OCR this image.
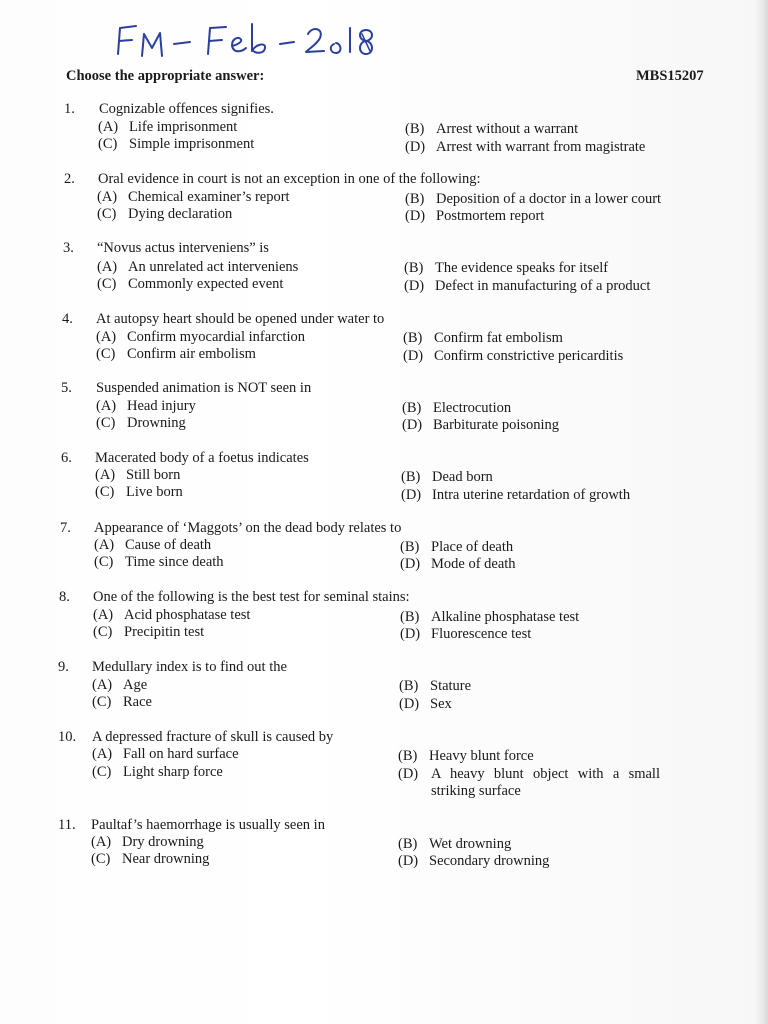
Choose the appropriate answer:	MBS15207
1.	Cognizable offences signifies.
(A) Life imprisonment	(B) Arrest without a warrant
(C) Simple imprisonment	(D) Arrest with warrant from magistrate
2.	Oral evidence in court is not an exception in one of the following:
(A) Chemical examiner’s report	(B) Deposition of a doctor in a lower court
(C) Dying declaration	(D) Postmortem report
3.	“Novus actus interveniens” is
(A) An unrelated act interveniens	(B) The evidence speaks for itself
(C) Commonly expected event	(D) Defect in manufacturing of a product
4.	At autopsy heart should be opened under water to
(A) Confirm myocardial infarction	(B) Confirm fat embolism
(C) Confirm air embolism	(D) Confirm constrictive pericarditis
5.	Suspended animation is NOT seen in
(A) Head injury	(B) Electrocution
(C) Drowning	(D) Barbiturate poisoning
6.	Macerated body of a foetus indicates
(A) Still born	(B) Dead born
(C) Live born	(D) Intra uterine retardation of growth
7.	Appearance of ‘Maggots’ on the dead body relates to
(A) Cause of death	(B) Place of death
(C) Time since death	(D) Mode of death
8.	One of the following is the best test for seminal stains:
(A) Acid phosphatase test	(B) Alkaline phosphatase test
(C) Precipitin test	(D) Fluorescence test
9.	Medullary index is to find out the
(A) Age	(B) Stature
(C) Race	(D) Sex
10.	A depressed fracture of skull is caused by
(A) Fall on hard surface	(B) Heavy blunt force
(C) Light sharp force	(D) A heavy blunt object with a small striking surface
11.	Paultaf’s haemorrhage is usually seen in
(A) Dry drowning	(B) Wet drowning
(C) Near drowning	(D) Secondary drowning
